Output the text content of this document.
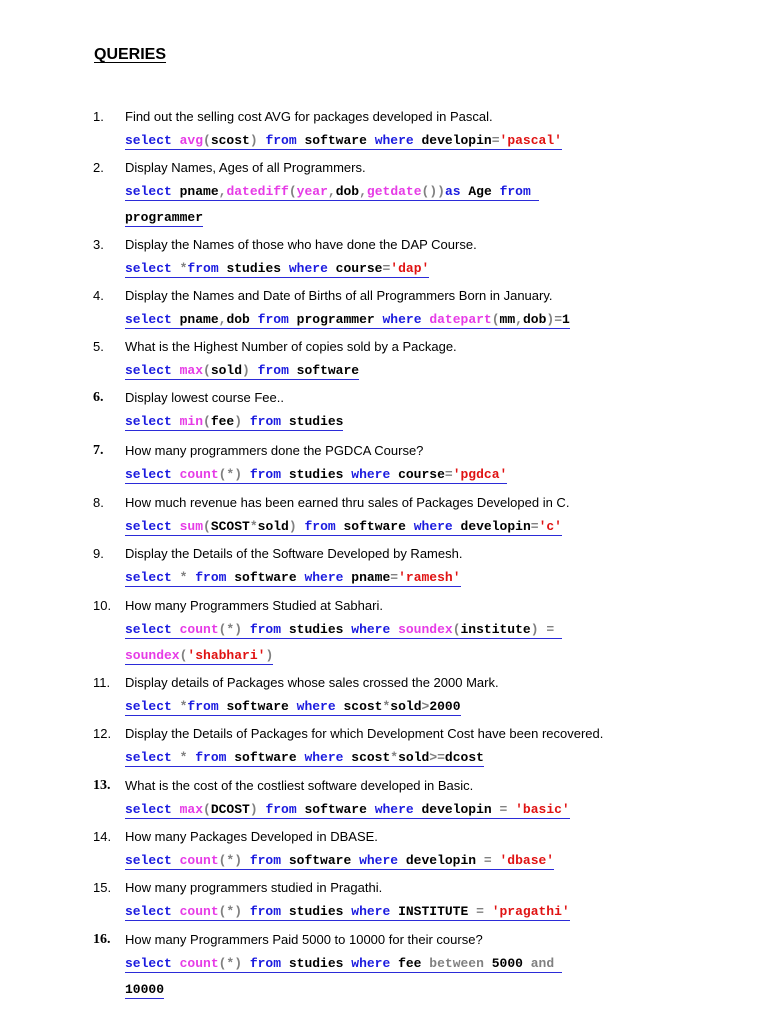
QUERIES
1.	Find out the selling cost AVG for packages developed in Pascal.
select avg(scost) from software where developin='pascal'
2.	Display Names, Ages of all Programmers.
select pname,datediff(year,dob,getdate())as Age from
programmer
3.	Display the Names of those who have done the DAP Course.
select *from studies where course='dap'
4.	Display the Names and Date of Births of all Programmers Born in January.
select pname,dob from programmer where datepart(mm,dob)=1
5.	What is the Highest Number of copies sold by a Package.
select max(sold) from software
6.	Display lowest course Fee..
select min(fee) from studies
7.	How many programmers done the PGDCA Course?
select count(*) from studies where course='pgdca'
8.	How much revenue has been earned thru sales of Packages Developed in C.
select sum(SCOST*sold) from software where developin='c'
9.	Display the Details of the Software Developed by Ramesh.
select * from software where pname='ramesh'
10.	How many Programmers Studied at Sabhari.
select count(*) from studies where soundex(institute) =
soundex('shabhari')
11.	Display details of Packages whose sales crossed the 2000 Mark.
select *from software where scost*sold>2000
12.	Display the Details of Packages for which Development Cost have been recovered.
select * from software where scost*sold>=dcost
13.	What is the cost of the costliest software developed in Basic.
select max(DCOST) from software where developin = 'basic'
14.	How many Packages Developed in DBASE.
select count(*) from software where developin = 'dbase'
15.	How many programmers studied in Pragathi.
select count(*) from studies where INSTITUTE = 'pragathi'
16.	How many Programmers Paid 5000 to 10000 for their course?
select count(*) from studies where fee between 5000 and
10000
